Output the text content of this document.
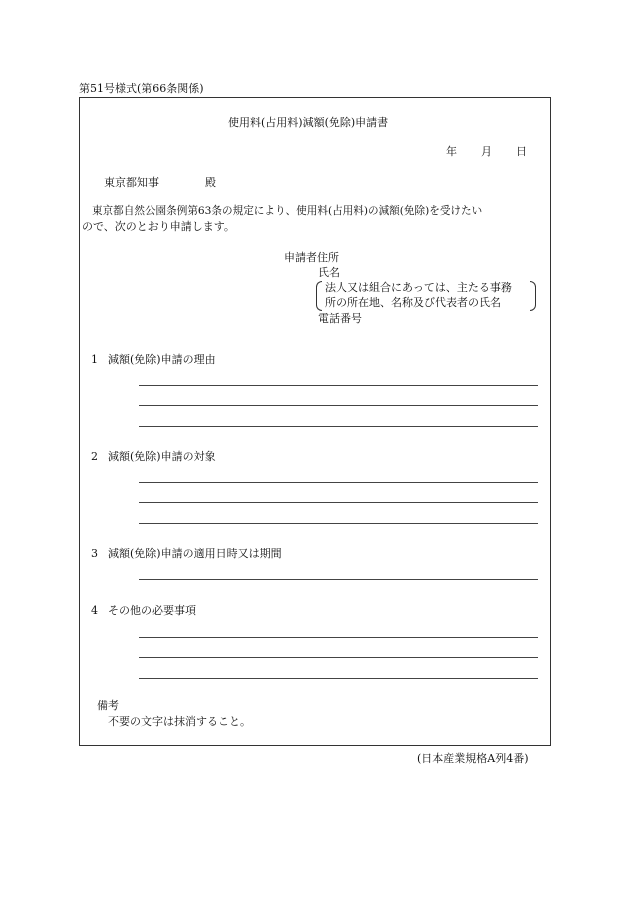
第51号様式(第66条関係)
使用料(占用料)減額(免除)申請書
年 月 日
東京都知事	殿
東京都自然公園条例第63条の規定により、使用料(占用料)の減額(免除)を受けたい
ので、次のとおり申請します。
申請者住所
氏名
法人又は組合にあっては、主たる事務
所の所在地、名称及び代表者の氏名
電話番号
1 減額(免除)申請の理由
2 減額(免除)申請の対象
3 減額(免除)申請の適用日時又は期間
4 その他の必要事項
備考
不要の文字は抹消すること。
(日本産業規格A列4番)
